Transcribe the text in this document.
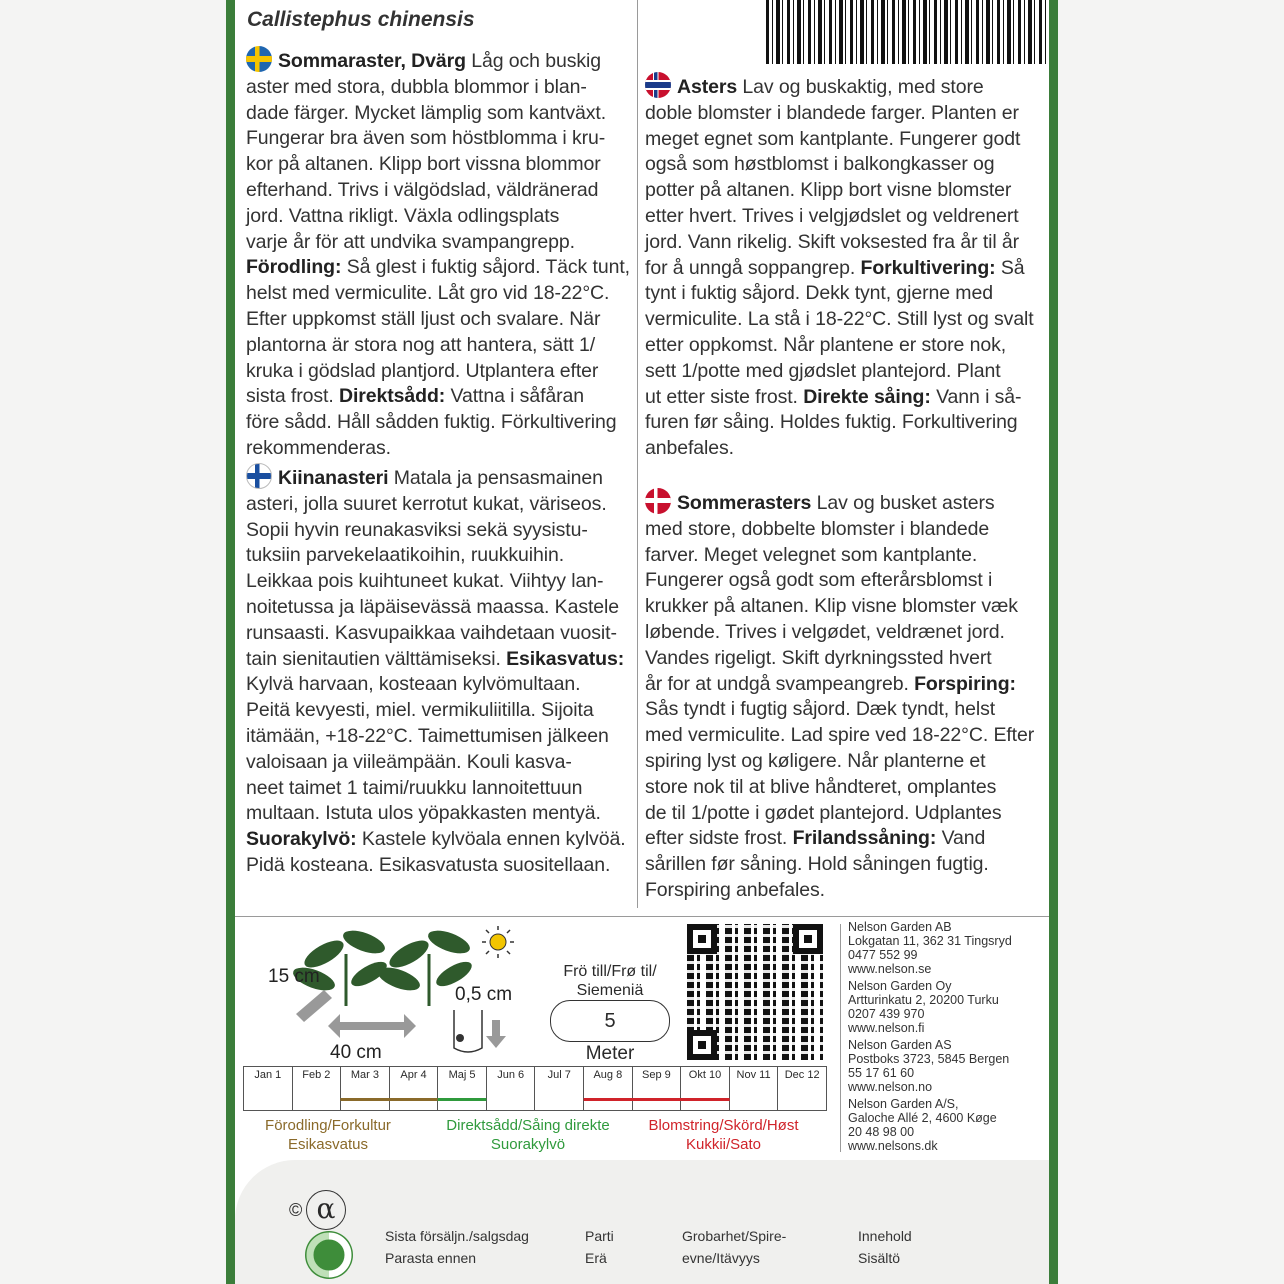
Callistephus chinensis
Sommaraster, Dvärg Låg och buskig
aster med stora, dubbla blommor i blan-
dade färger. Mycket lämplig som kantväxt.
Fungerar bra även som höstblomma i kru-
kor på altanen. Klipp bort vissna blommor
efterhand. Trivs i välgödslad, väldränerad
jord. Vattna rikligt. Växla odlingsplats
varje år för att undvika svampangrepp.
Förodling: Så glest i fuktig såjord. Täck tunt,
helst med vermiculite. Låt gro vid 18-22°C.
Efter uppkomst ställ ljust och svalare. När
plantorna är stora nog att hantera, sätt 1/
kruka i gödslad plantjord. Utplantera efter
sista frost. Direktsådd: Vattna i såfåran
före sådd. Håll sådden fuktig. Förkultivering
rekommenderas.
Kiinanasteri Matala ja pensasmainen
asteri, jolla suuret kerrotut kukat, väriseos.
Sopii hyvin reunakasviksi sekä syysistu-
tuksiin parvekelaatikoihin, ruukkuihin.
Leikkaa pois kuihtuneet kukat. Viihtyy lan-
noitetussa ja läpäisevässä maassa. Kastele
runsaasti. Kasvupaikkaa vaihdetaan vuosit-
tain sienitautien välttämiseksi. Esikasvatus:
Kylvä harvaan, kosteaan kylvömultaan.
Peitä kevyesti, miel. vermikuliitilla. Sijoita
itämään, +18-22°C. Taimettumisen jälkeen
valoisaan ja viileämpään. Kouli kasva-
neet taimet 1 taimi/ruukku lannoitettuun
multaan. Istuta ulos yöpakkasten mentyä.
Suorakylvö: Kastele kylvöala ennen kylvöä.
Pidä kosteana. Esikasvatusta suositellaan.
Asters Lav og buskaktig, med store
doble blomster i blandede farger. Planten er
meget egnet som kantplante. Fungerer godt
også som høstblomst i balkongkasser og
potter på altanen. Klipp bort visne blomster
etter hvert. Trives i velgjødslet og veldrenert
jord. Vann rikelig. Skift voksested fra år til år
for å unngå soppangrep. Forkultivering: Så
tynt i fuktig såjord. Dekk tynt, gjerne med
vermiculite. La stå i 18-22°C. Still lyst og svalt
etter oppkomst. Når plantene er store nok,
sett 1/potte med gjødslet plantejord. Plant
ut etter siste frost. Direkte såing: Vann i så-
furen før såing. Holdes fuktig. Forkultivering
anbefales.
Sommerasters Lav og busket asters
med store, dobbelte blomster i blandede
farver. Meget velegnet som kantplante.
Fungerer også godt som efterårsblomst i
krukker på altanen. Klip visne blomster væk
løbende. Trives i velgødet, veldrænet jord.
Vandes rigeligt. Skift dyrkningssted hvert
år for at undgå svampeangreb. Forspiring:
Sås tyndt i fugtig såjord. Dæk tyndt, helst
med vermiculite. Lad spire ved 18-22°C. Efter
spiring lyst og køligere. Når planterne et
store nok til at blive håndteret, omplantes
de til 1/potte i gødet plantejord. Udplantes
efter sidste frost. Frilandssåning: Vand
sårillen før såning. Hold såningen fugtig.
Forspiring anbefales.
15 cm
40 cm
0,5 cm
Frö till/Frø til/
Siemeniä
5
Meter
Jan 1	Feb 2	Mar 3	Apr 4	Maj 5	Jun 6	Jul 7	Aug 8	Sep 9	Okt 10	Nov 11	Dec 12
Förodling/Forkultur
Esikasvatus
Direktsådd/Såing direkte
Suorakylvö
Blomstring/Skörd/Høst
Kukkii/Sato
Nelson Garden AB
Lokgatan 11, 362 31 Tingsryd
0477 552 99
www.nelson.se
Nelson Garden Oy
Artturinkatu 2, 20200 Turku
0207 439 970
www.nelson.fi
Nelson Garden AS
Postboks 3723, 5845 Bergen
55 17 61 60
www.nelson.no
Nelson Garden A/S,
Galoche Allé 2, 4600 Køge
20 48 98 00
www.nelsons.dk
© α
Sista försäljn./salgsdag
Parasta ennen
Parti
Erä
Grobarhet/Spire-
evne/Itävyys
Innehold
Sisältö
